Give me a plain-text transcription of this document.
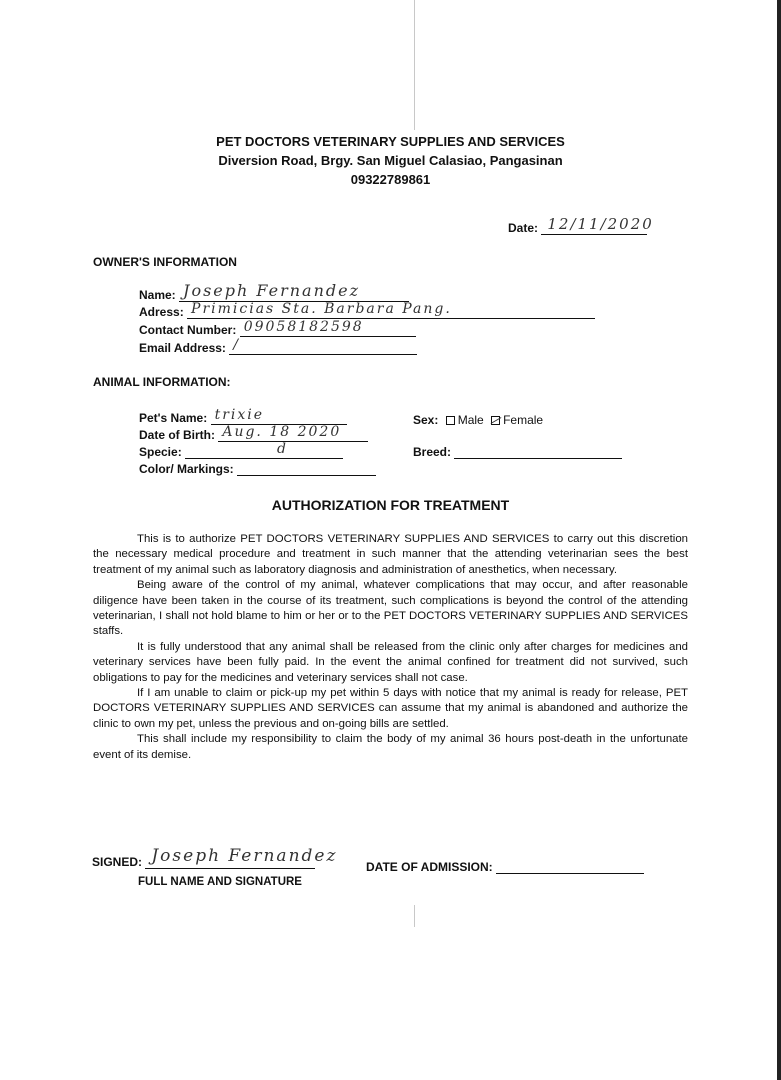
PET DOCTORS VETERINARY SUPPLIES AND SERVICES
Diversion Road, Brgy. San Miguel Calasiao, Pangasinan
09322789861
Date: 12/11/2020
OWNER'S INFORMATION
Name: Joseph Fernandez
Adress: Primicias Sta. Barbara Pang.
Contact Number: 09058182598
Email Address: /
ANIMAL INFORMATION:
Pet's Name: trixie
Date of Birth: Aug. 18 2020
Specie:	d
Color/ Markings:
Sex: Male Female
Breed:
AUTHORIZATION FOR TREATMENT

This is to authorize PET DOCTORS VETERINARY SUPPLIES AND SERVICES to carry out this discretion the necessary medical procedure and treatment in such manner that the attending veterinarian sees the best treatment of my animal such as laboratory diagnosis and administration of anesthetics, when necessary.

Being aware of the control of my animal, whatever complications that may occur, and after reasonable diligence have been taken in the course of its treatment, such complications is beyond the control of the attending veterinarian, I shall not hold blame to him or her or to the PET DOCTORS VETERINARY SUPPLIES AND SERVICES staffs.

It is fully understood that any animal shall be released from the clinic only after charges for medicines and veterinary services have been fully paid. In the event the animal confined for treatment did not survived, such obligations to pay for the medicines and veterinary services shall not case.

If I am unable to claim or pick-up my pet within 5 days with notice that my animal is ready for release, PET DOCTORS VETERINARY SUPPLIES AND SERVICES can assume that my animal is abandoned and authorize the clinic to own my pet, unless the previous and on-going bills are settled.

This shall include my responsibility to claim the body of my animal 36 hours post-death in the unfortunate event of its demise.

SIGNED: Joseph Fernandez
FULL NAME AND SIGNATURE
DATE OF ADMISSION:
